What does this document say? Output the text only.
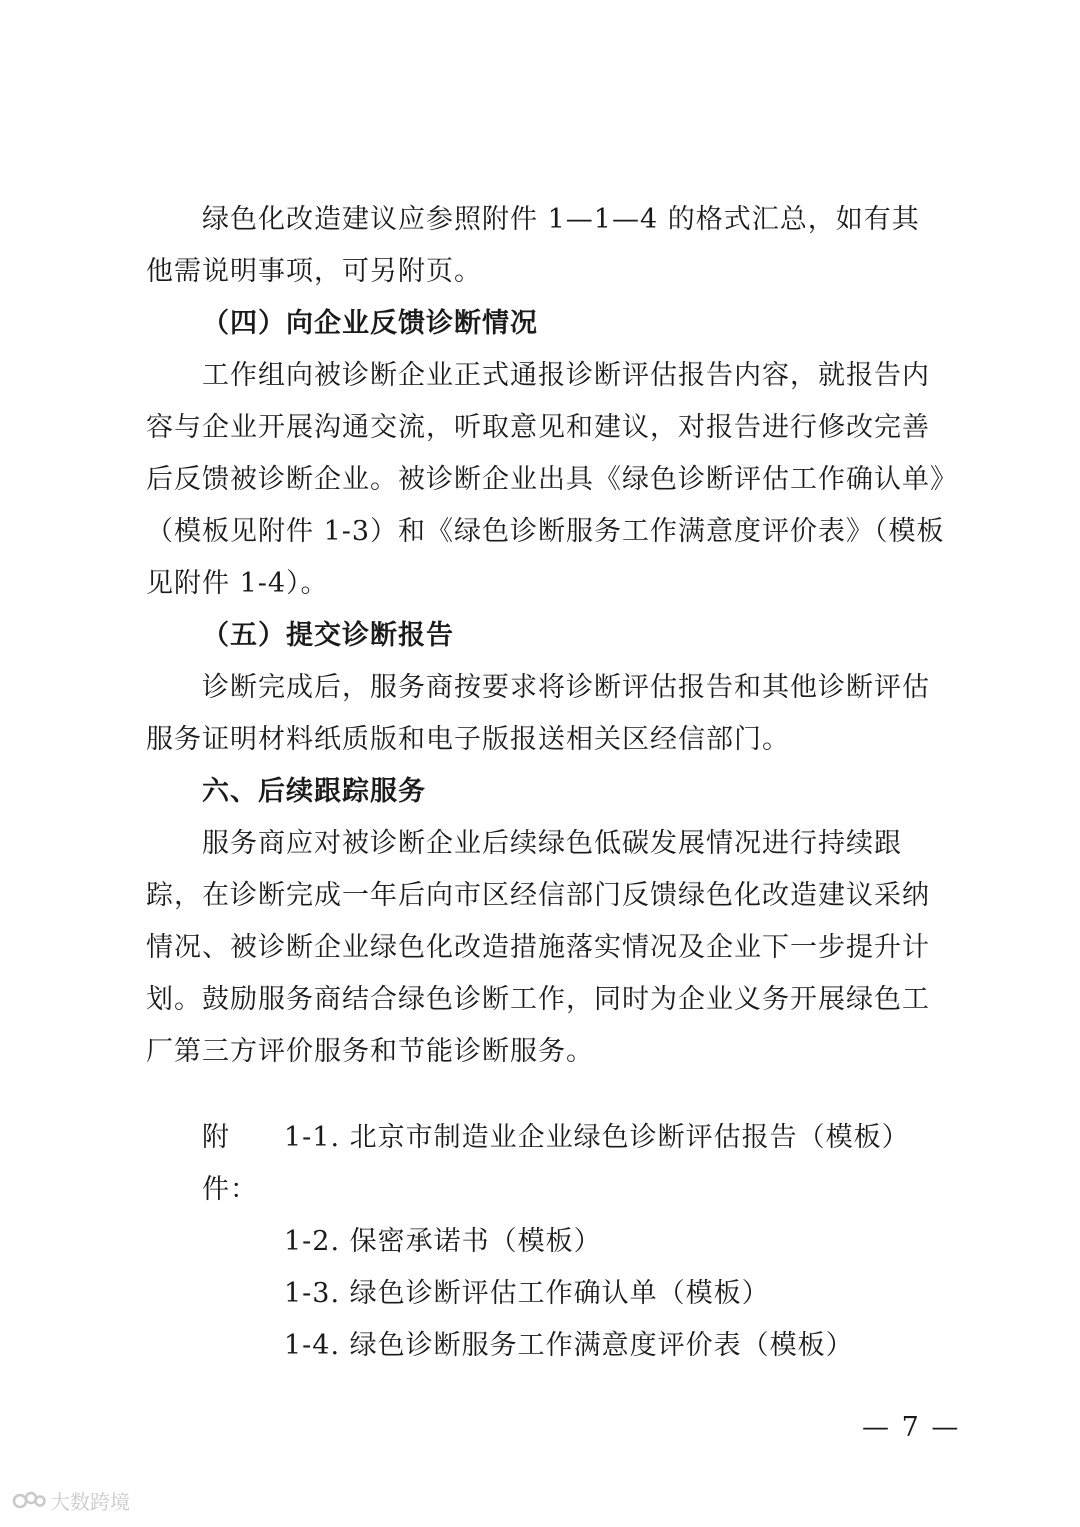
绿色化改造建议应参照附件 1—1—4 的格式汇总，如有其他需说明事项，可另附页。

（四）向企业反馈诊断情况

工作组向被诊断企业正式通报诊断评估报告内容，就报告内容与企业开展沟通交流，听取意见和建议，对报告进行修改完善后反馈被诊断企业。被诊断企业出具《绿色诊断评估工作确认单》（模板见附件 1-3）和《绿色诊断服务工作满意度评价表》（模板见附件 1-4）。

（五）提交诊断报告

诊断完成后，服务商按要求将诊断评估报告和其他诊断评估服务证明材料纸质版和电子版报送相关区经信部门。

六、后续跟踪服务

服务商应对被诊断企业后续绿色低碳发展情况进行持续跟踪，在诊断完成一年后向市区经信部门反馈绿色化改造建议采纳情况、被诊断企业绿色化改造措施落实情况及企业下一步提升计划。鼓励服务商结合绿色诊断工作，同时为企业义务开展绿色工厂第三方评价服务和节能诊断服务。

附件：
1-1. 北京市制造业企业绿色诊断评估报告（模板）
1-2. 保密承诺书（模板）
1-3. 绿色诊断评估工作确认单（模板）
1-4. 绿色诊断服务工作满意度评价表（模板）
— 7 —
大数跨境
